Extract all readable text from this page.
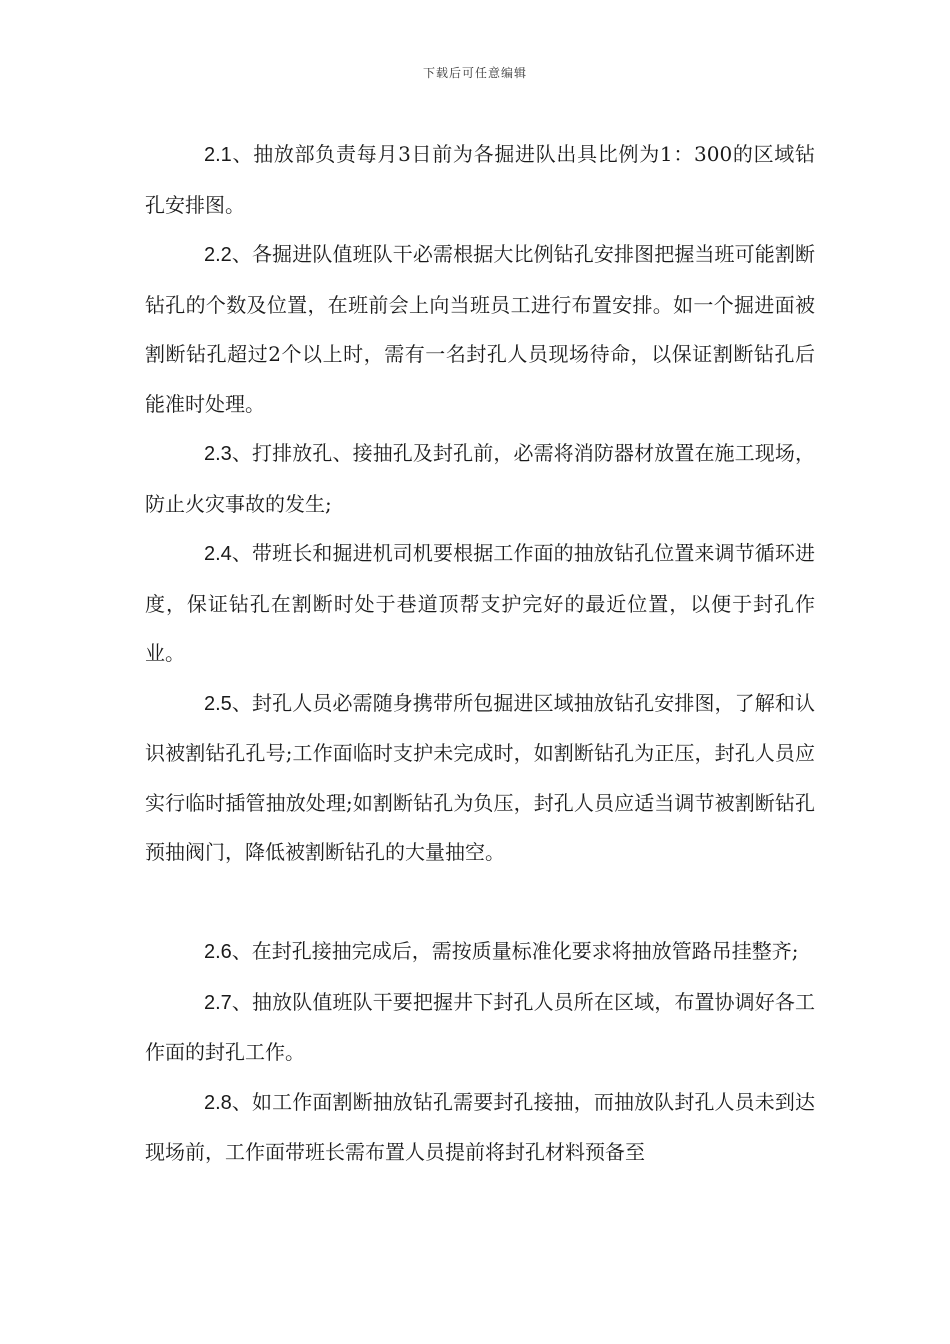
下载后可任意编辑

2.1、抽放部负责每月3日前为各掘进队出具比例为1：300的区域钻孔安排图。

2.2、各掘进队值班队干必需根据大比例钻孔安排图把握当班可能割断钻孔的个数及位置，在班前会上向当班员工进行布置安排。如一个掘进面被割断钻孔超过2个以上时，需有一名封孔人员现场待命，以保证割断钻孔后能准时处理。

2.3、打排放孔、接抽孔及封孔前，必需将消防器材放置在施工现场，防止火灾事故的发生;

2.4、带班长和掘进机司机要根据工作面的抽放钻孔位置来调节循环进度，保证钻孔在割断时处于巷道顶帮支护完好的最近位置，以便于封孔作业。

2.5、封孔人员必需随身携带所包掘进区域抽放钻孔安排图，了解和认识被割钻孔孔号;工作面临时支护未完成时，如割断钻孔为正压，封孔人员应实行临时插管抽放处理;如割断钻孔为负压，封孔人员应适当调节被割断钻孔预抽阀门，降低被割断钻孔的大量抽空。

2.6、在封孔接抽完成后，需按质量标准化要求将抽放管路吊挂整齐;

2.7、抽放队值班队干要把握井下封孔人员所在区域，布置协调好各工作面的封孔工作。

2.8、如工作面割断抽放钻孔需要封孔接抽，而抽放队封孔人员未到达现场前，工作面带班长需布置人员提前将封孔材料预备至
